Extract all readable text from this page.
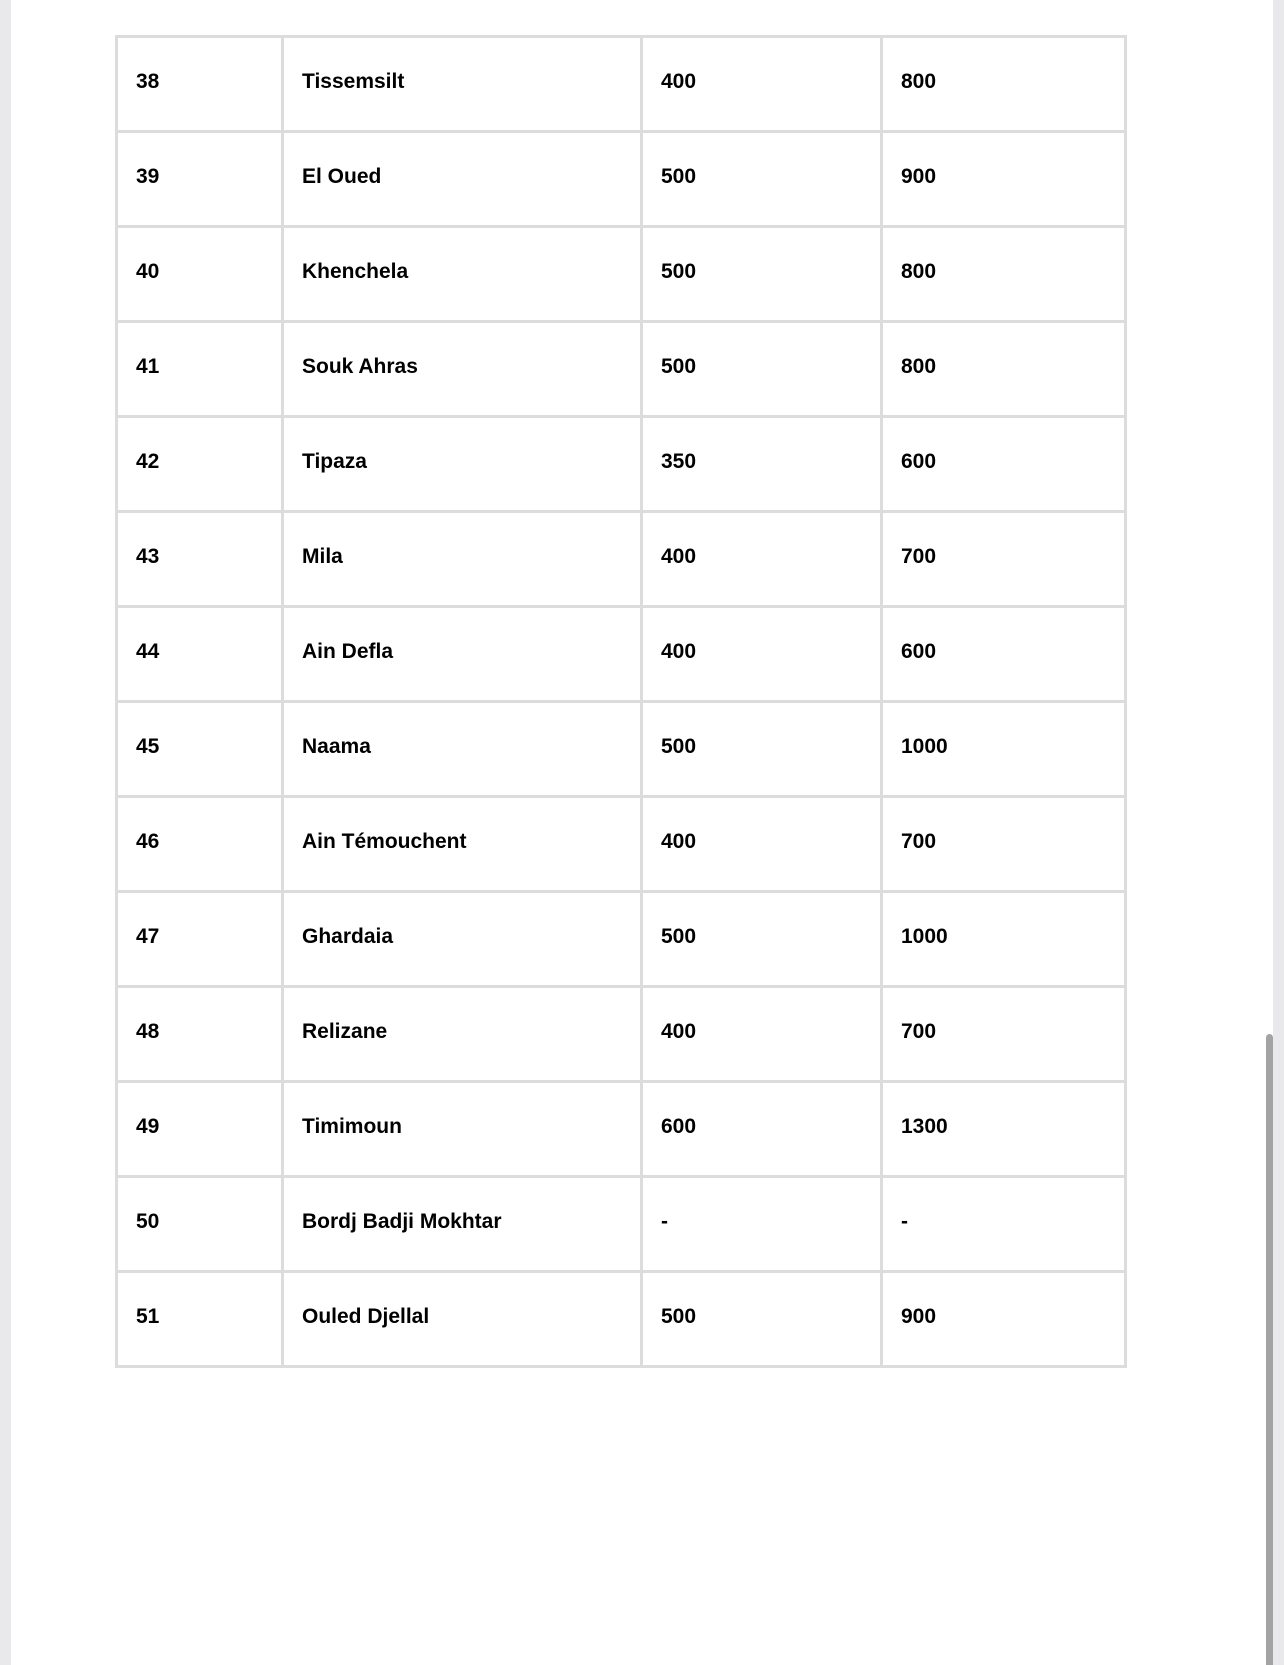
38	Tissemsilt	400	800
39	El Oued	500	900
40	Khenchela	500	800
41	Souk Ahras	500	800
42	Tipaza	350	600
43	Mila	400	700
44	Ain Defla	400	600
45	Naama	500	1000
46	Ain Témouchent	400	700
47	Ghardaia	500	1000
48	Relizane	400	700
49	Timimoun	600	1300
50	Bordj Badji Mokhtar	-	-
51	Ouled Djellal	500	900
